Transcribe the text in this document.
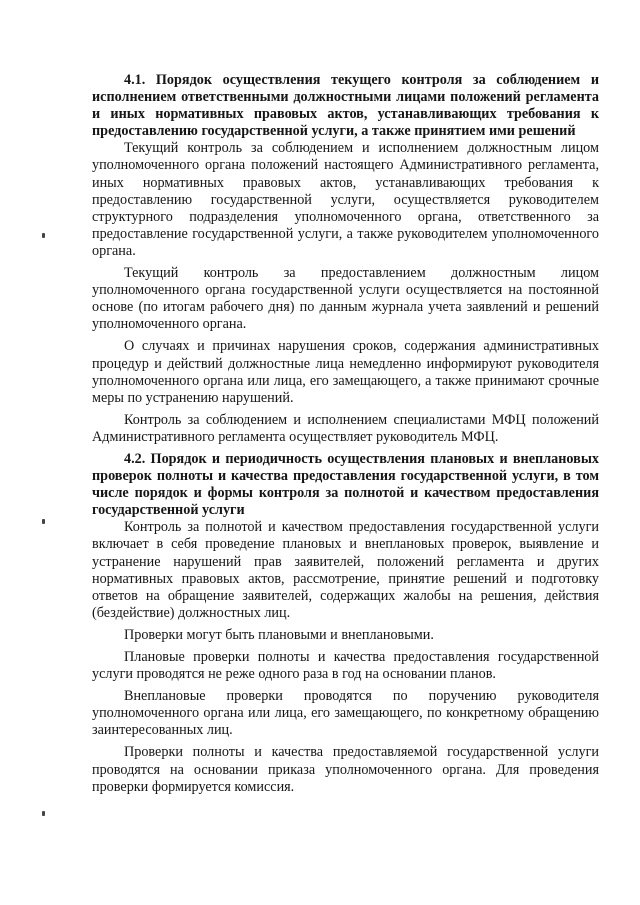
4.1. Порядок осуществления текущего контроля за соблюдением и исполнением ответственными должностными лицами положений регламента и иных нормативных правовых актов, устанавливающих требования к предоставлению государственной услуги, а также принятием ими решений

Текущий контроль за соблюдением и исполнением должностным лицом уполномоченного органа положений настоящего Административного регламента, иных нормативных правовых актов, устанавливающих требования к предоставлению государственной услуги, осуществляется руководителем структурного подразделения уполномоченного органа, ответственного за предоставление государственной услуги, а также руководителем уполномоченного органа.

Текущий контроль за предоставлением должностным лицом уполномоченного органа государственной услуги осуществляется на постоянной основе (по итогам рабочего дня) по данным журнала учета заявлений и решений уполномоченного органа.

О случаях и причинах нарушения сроков, содержания административных процедур и действий должностные лица немедленно информируют руководителя уполномоченного органа или лица, его замещающего, а также принимают срочные меры по устранению нарушений.

Контроль за соблюдением и исполнением специалистами МФЦ положений Административного регламента осуществляет руководитель МФЦ.

4.2. Порядок и периодичность осуществления плановых и внеплановых проверок полноты и качества предоставления государственной услуги, в том числе порядок и формы контроля за полнотой и качеством предоставления государственной услуги

Контроль за полнотой и качеством предоставления государственной услуги включает в себя проведение плановых и внеплановых проверок, выявление и устранение нарушений прав заявителей, положений регламента и других нормативных правовых актов, рассмотрение, принятие решений и подготовку ответов на обращение заявителей, содержащих жалобы на решения, действия (бездействие) должностных лиц.

Проверки могут быть плановыми и внеплановыми.

Плановые проверки полноты и качества предоставления государственной услуги проводятся не реже одного раза в год на основании планов.

Внеплановые проверки проводятся по поручению руководителя уполномоченного органа или лица, его замещающего, по конкретному обращению заинтересованных лиц.

Проверки полноты и качества предоставляемой государственной услуги проводятся на основании приказа уполномоченного органа. Для проведения проверки формируется комиссия.
